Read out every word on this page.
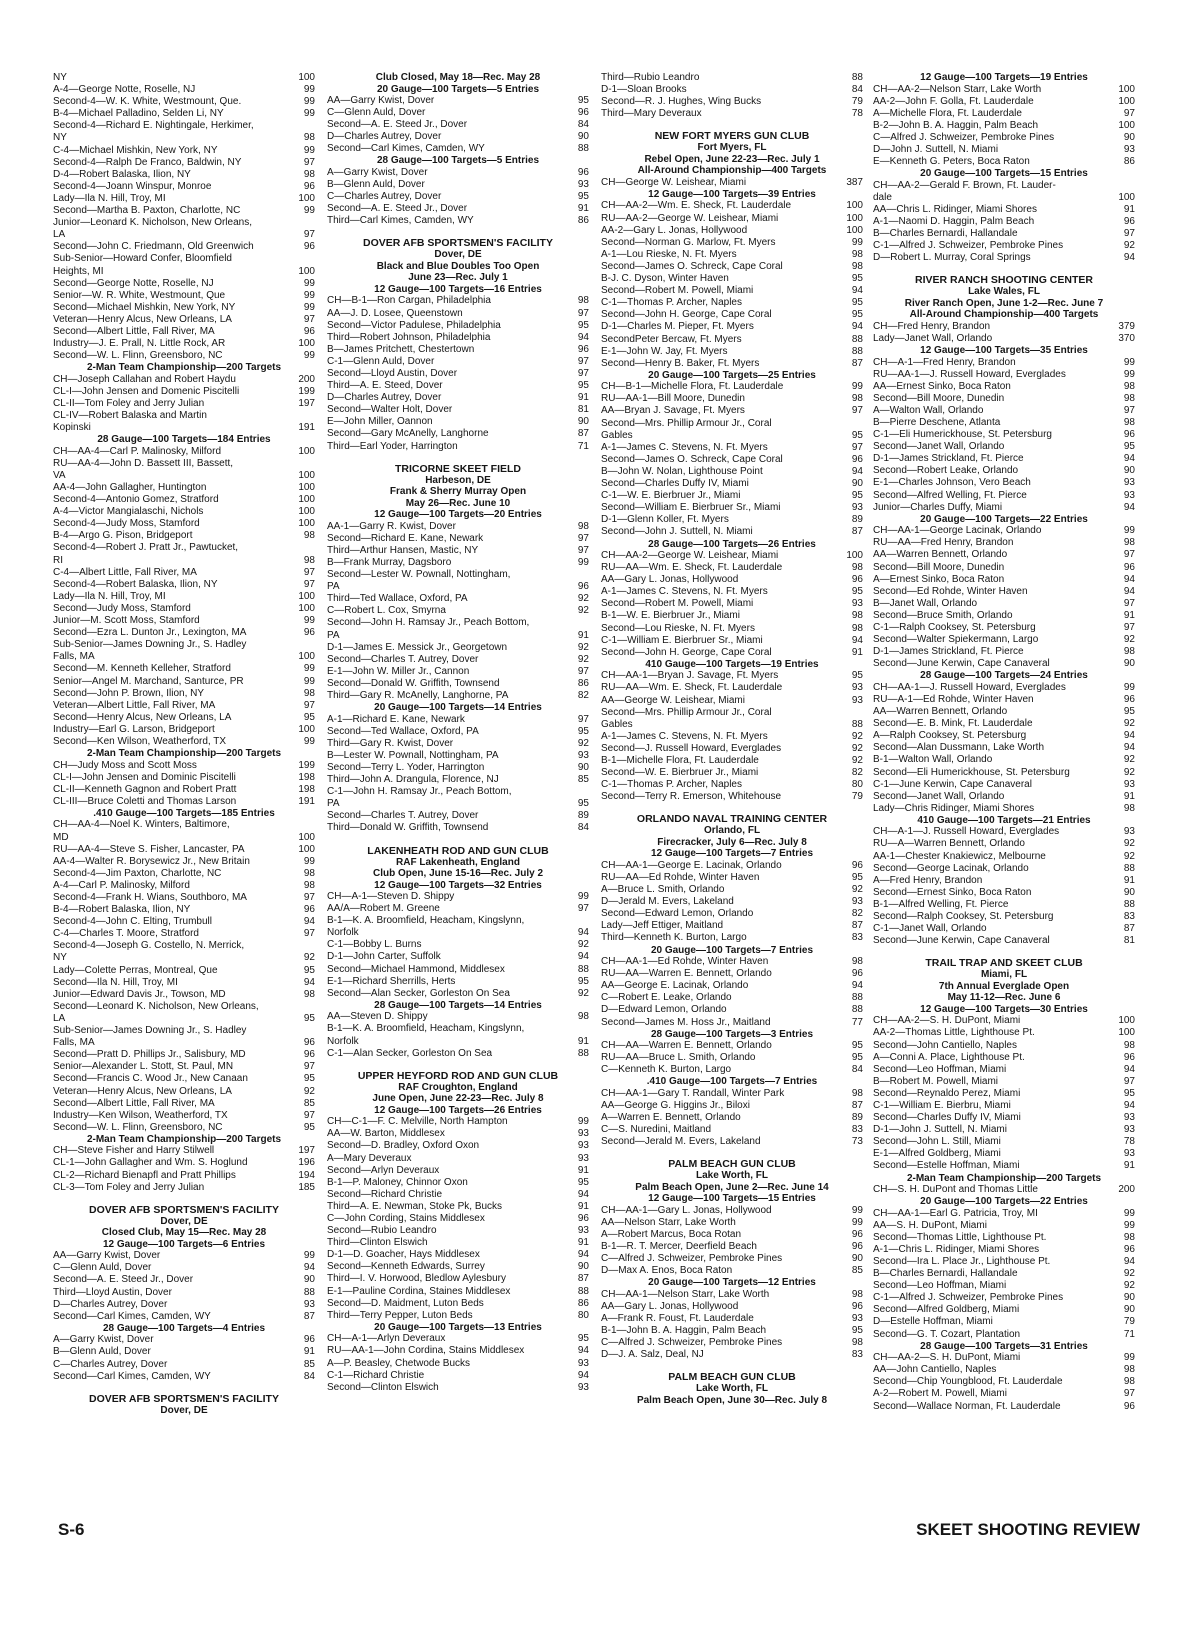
NY	100
A-4—George Notte, Roselle, NJ	99
Second-4—W. K. White, Westmount, Que.	99
B-4—Michael Palladino, Selden Li, NY	99
Second-4—Richard E. Nightingale, Herkimer,
NY	98
C-4—Michael Mishkin, New York, NY	99
Second-4—Ralph De Franco, Baldwin, NY	97
D-4—Robert Balaska, Ilion, NY	98
Second-4—Joann Winspur, Monroe	96
Lady—Ila N. Hill, Troy, MI	100
Second—Martha B. Paxton, Charlotte, NC	99
Junior—Leonard K. Nicholson, New Orleans,
LA	97
Second—John C. Friedmann, Old Greenwich	96
Sub-Senior—Howard Confer, Bloomfield
Heights, MI	100
Second—George Notte, Roselle, NJ	99
Senior—W. R. White, Westmount, Que	99
Second—Michael Mishkin, New York, NY	99
Veteran—Henry Alcus, New Orleans, LA	97
Second—Albert Little, Fall River, MA	96
Industry—J. E. Prall, N. Little Rock, AR	100
Second—W. L. Flinn, Greensboro, NC	99
2-Man Team Championship—200 Targets
CH—Joseph Callahan and Robert Haydu	200
CL-I—John Jensen and Domenic Piscitelli	199
CL-II—Tom Foley and Jerry Julian	197
CL-IV—Robert Balaska and Martin
Kopinski	191
28 Gauge—100 Targets—184 Entries
CH—AA-4—Carl P. Malinosky, Milford	100
RU—AA-4—John D. Bassett III, Bassett,
VA	100
AA-4—John Gallagher, Huntington	100
Second-4—Antonio Gomez, Stratford	100
A-4—Victor Mangialaschi, Nichols	100
Second-4—Judy Moss, Stamford	100
B-4—Argo G. Pison, Bridgeport	98
Second-4—Robert J. Pratt Jr., Pawtucket,
RI	98
C-4—Albert Little, Fall River, MA	97
Second-4—Robert Balaska, Ilion, NY	97
Lady—Ila N. Hill, Troy, MI	100
Second—Judy Moss, Stamford	100
Junior—M. Scott Moss, Stamford	99
Second—Ezra L. Dunton Jr., Lexington, MA	96
Sub-Senior—James Downing Jr., S. Hadley
Falls, MA	100
Second—M. Kenneth Kelleher, Stratford	99
Senior—Angel M. Marchand, Santurce, PR	99
Second—John P. Brown, Ilion, NY	98
Veteran—Albert Little, Fall River, MA	97
Second—Henry Alcus, New Orleans, LA	95
Industry—Earl G. Larson, Bridgeport	100
Second—Ken Wilson, Weatherford, TX	99
2-Man Team Championship—200 Targets
CH—Judy Moss and Scott Moss	199
CL-I—John Jensen and Dominic Piscitelli	198
CL-II—Kenneth Gagnon and Robert Pratt	198
CL-III—Bruce Coletti and Thomas Larson	191
.410 Gauge—100 Targets—185 Entries
CH—AA-4—Noel K. Winters, Baltimore,
MD	100
RU—AA-4—Steve S. Fisher, Lancaster, PA	100
AA-4—Walter R. Borysewicz Jr., New Britain	99
Second-4—Jim Paxton, Charlotte, NC	98
A-4—Carl P. Malinosky, Milford	98
Second-4—Frank H. Wians, Southboro, MA	97
B-4—Robert Balaska, Ilion, NY	96
Second-4—John C. Elting, Trumbull	94
C-4—Charles T. Moore, Stratford	97
Second-4—Joseph G. Costello, N. Merrick,
NY	92
Lady—Colette Perras, Montreal, Que	95
Second—Ila N. Hill, Troy, MI	94
Junior—Edward Davis Jr., Towson, MD	98
Second—Leonard K. Nicholson, New Orleans,
LA	95
Sub-Senior—James Downing Jr., S. Hadley
Falls, MA	96
Second—Pratt D. Phillips Jr., Salisbury, MD	96
Senior—Alexander L. Stott, St. Paul, MN	97
Second—Francis C. Wood Jr., New Canaan	95
Veteran—Henry Alcus, New Orleans, LA	92
Second—Albert Little, Fall River, MA	85
Industry—Ken Wilson, Weatherford, TX	97
Second—W. L. Flinn, Greensboro, NC	95
2-Man Team Championship—200 Targets
CH—Steve Fisher and Harry Stilwell	197
CL-1—John Gallagher and Wm. S. Hoglund	196
CL-2—Richard Bienapfl and Pratt Phillips	194
CL-3—Tom Foley and Jerry Julian	185
DOVER AFB SPORTSMEN'S FACILITY
Dover, DE
Closed Club, May 15—Rec. May 28
12 Gauge—100 Targets—6 Entries
AA—Garry Kwist, Dover	99
C—Glenn Auld, Dover	94
Second—A. E. Steed Jr., Dover	90
Third—Lloyd Austin, Dover	88
D—Charles Autrey, Dover	93
Second—Carl Kimes, Camden, WY	87
28 Gauge—100 Targets—4 Entries
A—Garry Kwist, Dover	96
B—Glenn Auld, Dover	91
C—Charles Autrey, Dover	85
Second—Carl Kimes, Camden, WY	84
DOVER AFB SPORTSMEN'S FACILITY
Dover, DE
Club Closed, May 18—Rec. May 28
20 Gauge—100 Targets—5 Entries
AA—Garry Kwist, Dover	95
C—Glenn Auld, Dover	96
Second—A. E. Steed Jr., Dover	84
D—Charles Autrey, Dover	90
Second—Carl Kimes, Camden, WY	88
28 Gauge—100 Targets—5 Entries
A—Garry Kwist, Dover	96
B—Glenn Auld, Dover	93
C—Charles Autrey, Dover	95
Second—A. E. Steed Jr., Dover	91
Third—Carl Kimes, Camden, WY	86
DOVER AFB SPORTSMEN'S FACILITY
Dover, DE
Black and Blue Doubles Too Open
June 23—Rec. July 1
12 Gauge—100 Targets—16 Entries
CH—B-1—Ron Cargan, Philadelphia	98
AA—J. D. Losee, Queenstown	97
Second—Victor Padulese, Philadelphia	95
Third—Robert Johnson, Philadelphia	94
B—James Pritchett, Chestertown	96
C-1—Glenn Auld, Dover	97
Second—Lloyd Austin, Dover	97
Third—A. E. Steed, Dover	95
D—Charles Autrey, Dover	91
Second—Walter Holt, Dover	81
E—John Miller, Oannon	90
Second—Gary McAnelly, Langhorne	87
Third—Earl Yoder, Harrington	71
TRICORNE SKEET FIELD
Harbeson, DE
Frank & Sherry Murray Open
May 26—Rec. June 10
12 Gauge—100 Targets—20 Entries
AA-1—Garry R. Kwist, Dover	98
Second—Richard E. Kane, Newark	97
Third—Arthur Hansen, Mastic, NY	97
B—Frank Murray, Dagsboro	99
Second—Lester W. Pownall, Nottingham,
PA	96
Third—Ted Wallace, Oxford, PA	92
C—Robert L. Cox, Smyrna	92
Second—John H. Ramsay Jr., Peach Bottom,
PA	91
D-1—James E. Messick Jr., Georgetown	92
Second—Charles T. Autrey, Dover	92
E-1—John W. Miller Jr., Cannon	97
Second—Donald W. Griffith, Townsend	86
Third—Gary R. McAnelly, Langhorne, PA	82
20 Gauge—100 Targets—14 Entries
A-1—Richard E. Kane, Newark	97
Second—Ted Wallace, Oxford, PA	95
Third—Gary R. Kwist, Dover	92
B—Lester W. Pownall, Nottingham, PA	93
Second—Terry L. Yoder, Harrington	90
Third—John A. Drangula, Florence, NJ	85
C-1—John H. Ramsay Jr., Peach Bottom,
PA	95
Second—Charles T. Autrey, Dover	89
Third—Donald W. Griffith, Townsend	84
LAKENHEATH ROD AND GUN CLUB
RAF Lakenheath, England
Club Open, June 15-16—Rec. July 2
12 Gauge—100 Targets—32 Entries
CH—A-1—Steven D. Shippy	99
AA/A—Robert M. Greene	97
B-1—K. A. Broomfield, Heacham, Kingslynn,
Norfolk	94
C-1—Bobby L. Burns	92
D-1—John Carter, Suffolk	94
Second—Michael Hammond, Middlesex	88
E-1—Richard Sherrills, Herts	95
Second—Alan Secker, Gorleston On Sea	92
28 Gauge—100 Targets—14 Entries
AA—Steven D. Shippy	98
B-1—K. A. Broomfield, Heacham, Kingslynn,
Norfolk	91
C-1—Alan Secker, Gorleston On Sea	88
UPPER HEYFORD ROD AND GUN CLUB
RAF Croughton, England
June Open, June 22-23—Rec. July 8
12 Gauge—100 Targets—26 Entries
CH—C-1—F. C. Melville, North Hampton	99
AA—W. Barton, Middlesex	93
Second—D. Bradley, Oxford Oxon	93
A—Mary Deveraux	93
Second—Arlyn Deveraux	91
B-1—P. Maloney, Chinnor Oxon	95
Second—Richard Christie	94
Third—A. E. Newman, Stoke Pk, Bucks	91
C—John Cording, Stains Middlesex	96
Second—Rubio Leandro	93
Third—Clinton Elswich	91
D-1—D. Goacher, Hays Middlesex	94
Second—Kenneth Edwards, Surrey	90
Third—I. V. Horwood, Bledlow Aylesbury	87
E-1—Pauline Cordina, Staines Middlesex	88
Second—D. Maidment, Luton Beds	86
Third—Terry Pepper, Luton Beds	80
20 Gauge—100 Targets—13 Entries
CH—A-1—Arlyn Deveraux	95
RU—AA-1—John Cordina, Stains Middlesex	94
A—P. Beasley, Chetwode Bucks	93
C-1—Richard Christie	94
Second—Clinton Elswich	93
Third—Rubio Leandro	88
D-1—Sloan Brooks	84
Second—R. J. Hughes, Wing Bucks	79
Third—Mary Deveraux	78
NEW FORT MYERS GUN CLUB
Fort Myers, FL
Rebel Open, June 22-23—Rec. July 1
All-Around Championship—400 Targets
CH—George W. Leishear, Miami	387
12 Gauge—100 Targets—39 Entries
CH—AA-2—Wm. E. Sheck, Ft. Lauderdale	100
RU—AA-2—George W. Leishear, Miami	100
AA-2—Gary L. Jonas, Hollywood	100
Second—Norman G. Marlow, Ft. Myers	99
A-1—Lou Rieske, N. Ft. Myers	98
Second—James O. Schreck, Cape Coral	98
B-J. C. Dyson, Winter Haven	95
Second—Robert M. Powell, Miami	94
C-1—Thomas P. Archer, Naples	95
Second—John H. George, Cape Coral	95
D-1—Charles M. Pieper, Ft. Myers	94
SecondPeter Bercaw, Ft. Myers	88
E-1—John W. Jay, Ft. Myers	88
Second—Henry B. Baker, Ft. Myers	87
20 Gauge—100 Targets—25 Entries
CH—B-1—Michelle Flora, Ft. Lauderdale	99
RU—AA-1—Bill Moore, Dunedin	98
AA—Bryan J. Savage, Ft. Myers	97
Second—Mrs. Phillip Armour Jr., Coral
Gables	95
A-1—James C. Stevens, N. Ft. Myers	97
Second—James O. Schreck, Cape Coral	96
B—John W. Nolan, Lighthouse Point	94
Second—Charles Duffy IV, Miami	90
C-1—W. E. Bierbruer Jr., Miami	95
Second—William E. Bierbruer Sr., Miami	93
D-1—Glenn Koller, Ft. Myers	89
Second—John J. Suttell, N. Miami	87
28 Gauge—100 Targets—26 Entries
CH—AA-2—George W. Leishear, Miami	100
RU—AA—Wm. E. Sheck, Ft. Lauderdale	98
AA—Gary L. Jonas, Hollywood	96
A-1—James C. Stevens, N. Ft. Myers	95
Second—Robert M. Powell, Miami	93
B-1—W. E. Bierbruer Jr., Miami	98
Second—Lou Rieske, N. Ft. Myers	98
C-1—William E. Bierbruer Sr., Miami	94
Second—John H. George, Cape Coral	91
410 Gauge—100 Targets—19 Entries
CH—AA-1—Bryan J. Savage, Ft. Myers	95
RU—AA—Wm. E. Sheck, Ft. Lauderdale	93
AA—George W. Leishear, Miami	93
Second—Mrs. Phillip Armour Jr., Coral
Gables	88
A-1—James C. Stevens, N. Ft. Myers	92
Second—J. Russell Howard, Everglades	92
B-1—Michelle Flora, Ft. Lauderdale	92
Second—W. E. Bierbruer Jr., Miami	82
C-1—Thomas P. Archer, Naples	80
Second—Terry R. Emerson, Whitehouse	79
ORLANDO NAVAL TRAINING CENTER
Orlando, FL
Firecracker, July 6—Rec. July 8
12 Gauge—100 Targets—7 Entries
CH—AA-1—George E. Lacinak, Orlando	96
RU—AA—Ed Rohde, Winter Haven	95
A—Bruce L. Smith, Orlando	92
D—Jerald M. Evers, Lakeland	93
Second—Edward Lemon, Orlando	82
Lady—Jeff Ettiger, Maitland	87
Third—Kenneth K. Burton, Largo	83
20 Gauge—100 Targets—7 Entries
CH—AA-1—Ed Rohde, Winter Haven	98
RU—AA—Warren E. Bennett, Orlando	96
AA—George E. Lacinak, Orlando	94
C—Robert E. Leake, Orlando	88
D—Edward Lemon, Orlando	88
Second—James M. Hoss Jr., Maitland	77
28 Gauge—100 Targets—3 Entries
CH—AA—Warren E. Bennett, Orlando	95
RU—AA—Bruce L. Smith, Orlando	95
C—Kenneth K. Burton, Largo	84
.410 Gauge—100 Targets—7 Entries
CH—AA-1—Gary T. Randall, Winter Park	98
AA—George G. Higgins Jr., Biloxi	87
A—Warren E. Bennett, Orlando	89
C—S. Nuredini, Maitland	83
Second—Jerald M. Evers, Lakeland	73
PALM BEACH GUN CLUB
Lake Worth, FL
Palm Beach Open, June 2—Rec. June 14
12 Gauge—100 Targets—15 Entries
CH—AA-1—Gary L. Jonas, Hollywood	99
AA—Nelson Starr, Lake Worth	99
A—Robert Marcus, Boca Rotan	96
B-1—R. T. Mercer, Deerfield Beach	96
C—Alfred J. Schweizer, Pembroke Pines	90
D—Max A. Enos, Boca Raton	85
20 Gauge—100 Targets—12 Entries
CH—AA-1—Nelson Starr, Lake Worth	98
AA—Gary L. Jonas, Hollywood	96
A—Frank R. Foust, Ft. Lauderdale	93
B-1—John B. A. Haggin, Palm Beach	95
C—Alfred J. Schweizer, Pembroke Pines	98
D—J. A. Salz, Deal, NJ	83
PALM BEACH GUN CLUB
Lake Worth, FL
Palm Beach Open, June 30—Rec. July 8
12 Gauge—100 Targets—19 Entries
CH—AA-2—Nelson Starr, Lake Worth	100
AA-2—John F. Golla, Ft. Lauderdale	100
A—Michelle Flora, Ft. Lauderdale	97
B-2—John B. A. Haggin, Palm Beach	100
C—Alfred J. Schweizer, Pembroke Pines	90
D—John J. Suttell, N. Miami	93
E—Kenneth G. Peters, Boca Raton	86
20 Gauge—100 Targets—15 Entries
CH—AA-2—Gerald F. Brown, Ft. Lauder-
dale	100
AA—Chris L. Ridinger, Miami Shores	91
A-1—Naomi D. Haggin, Palm Beach	96
B—Charles Bernardi, Hallandale	97
C-1—Alfred J. Schweizer, Pembroke Pines	92
D—Robert L. Murray, Coral Springs	94
RIVER RANCH SHOOTING CENTER
Lake Wales, FL
River Ranch Open, June 1-2—Rec. June 7
All-Around Championship—400 Targets
CH—Fred Henry, Brandon	379
Lady—Janet Wall, Orlando	370
12 Gauge—100 Targets—35 Entries
CH—A-1—Fred Henry, Brandon	99
RU—AA-1—J. Russell Howard, Everglades	99
AA—Ernest Sinko, Boca Raton	98
Second—Bill Moore, Dunedin	98
A—Walton Wall, Orlando	97
B—Pierre Deschene, Atlanta	98
C-1—Eli Humerickhouse, St. Petersburg	96
Second—Janet Wall, Orlando	95
D-1—James Strickland, Ft. Pierce	94
Second—Robert Leake, Orlando	90
E-1—Charles Johnson, Vero Beach	93
Second—Alfred Welling, Ft. Pierce	93
Junior—Charles Duffy, Miami	94
20 Gauge—100 Targets—22 Entries
CH—AA-1—George Lacinak, Orlando	99
RU—AA—Fred Henry, Brandon	98
AA—Warren Bennett, Orlando	97
Second—Bill Moore, Dunedin	96
A—Ernest Sinko, Boca Raton	94
Second—Ed Rohde, Winter Haven	94
B—Janet Wall, Orlando	97
Second—Bruce Smith, Orlando	91
C-1—Ralph Cooksey, St. Petersburg	97
Second—Walter Spiekermann, Largo	92
D-1—James Strickland, Ft. Pierce	98
Second—June Kerwin, Cape Canaveral	90
28 Gauge—100 Targets—24 Entries
CH—AA-1—J. Russell Howard, Everglades	99
RU—A-1—Ed Rohde, Winter Haven	96
AA—Warren Bennett, Orlando	95
Second—E. B. Mink, Ft. Lauderdale	92
A—Ralph Cooksey, St. Petersburg	94
Second—Alan Dussmann, Lake Worth	94
B-1—Walton Wall, Orlando	92
Second—Eli Humerickhouse, St. Petersburg	92
C-1—June Kerwin, Cape Canaveral	93
Second—Janet Wall, Orlando	91
Lady—Chris Ridinger, Miami Shores	98
410 Gauge—100 Targets—21 Entries
CH—A-1—J. Russell Howard, Everglades	93
RU—A—Warren Bennett, Orlando	92
AA-1—Chester Knakiewicz, Melbourne	92
Second—George Lacinak, Orlando	88
A—Fred Henry, Brandon	91
Second—Ernest Sinko, Boca Raton	90
B-1—Alfred Welling, Ft. Pierce	88
Second—Ralph Cooksey, St. Petersburg	83
C-1—Janet Wall, Orlando	87
Second—June Kerwin, Cape Canaveral	81
TRAIL TRAP AND SKEET CLUB
Miami, FL
7th Annual Everglade Open
May 11-12—Rec. June 6
12 Gauge—100 Targets—30 Entries
CH—AA-2—S. H. DuPont, Miami	100
AA-2—Thomas Little, Lighthouse Pt.	100
Second—John Cantiello, Naples	98
A—Conni A. Place, Lighthouse Pt.	96
Second—Leo Hoffman, Miami	94
B—Robert M. Powell, Miami	97
Second—Reynaldo Perez, Miami	95
C-1—William E. Bierbru, Miami	94
Second—Charles Duffy IV, Miami	93
D-1—John J. Suttell, N. Miami	93
Second—John L. Still, Miami	78
E-1—Alfred Goldberg, Miami	93
Second—Estelle Hoffman, Miami	91
2-Man Team Championship—200 Targets
CH—S. H. DuPont and Thomas Little	200
20 Gauge—100 Targets—22 Entries
CH—AA-1—Earl G. Patricia, Troy, MI	99
AA—S. H. DuPont, Miami	99
Second—Thomas Little, Lighthouse Pt.	98
A-1—Chris L. Ridinger, Miami Shores	96
Second—Ira L. Place Jr., Lighthouse Pt.	94
B—Charles Bernardi, Hallandale	92
Second—Leo Hoffman, Miami	92
C-1—Alfred J. Schweizer, Pembroke Pines	90
Second—Alfred Goldberg, Miami	90
D—Estelle Hoffman, Miami	79
Second—G. T. Cozart, Plantation	71
28 Gauge—100 Targets—31 Entries
CH—AA-2—S. H. DuPont, Miami	99
AA—John Cantiello, Naples	98
Second—Chip Youngblood, Ft. Lauderdale	98
A-2—Robert M. Powell, Miami	97
Second—Wallace Norman, Ft. Lauderdale	96
S-6	SKEET SHOOTING REVIEW
